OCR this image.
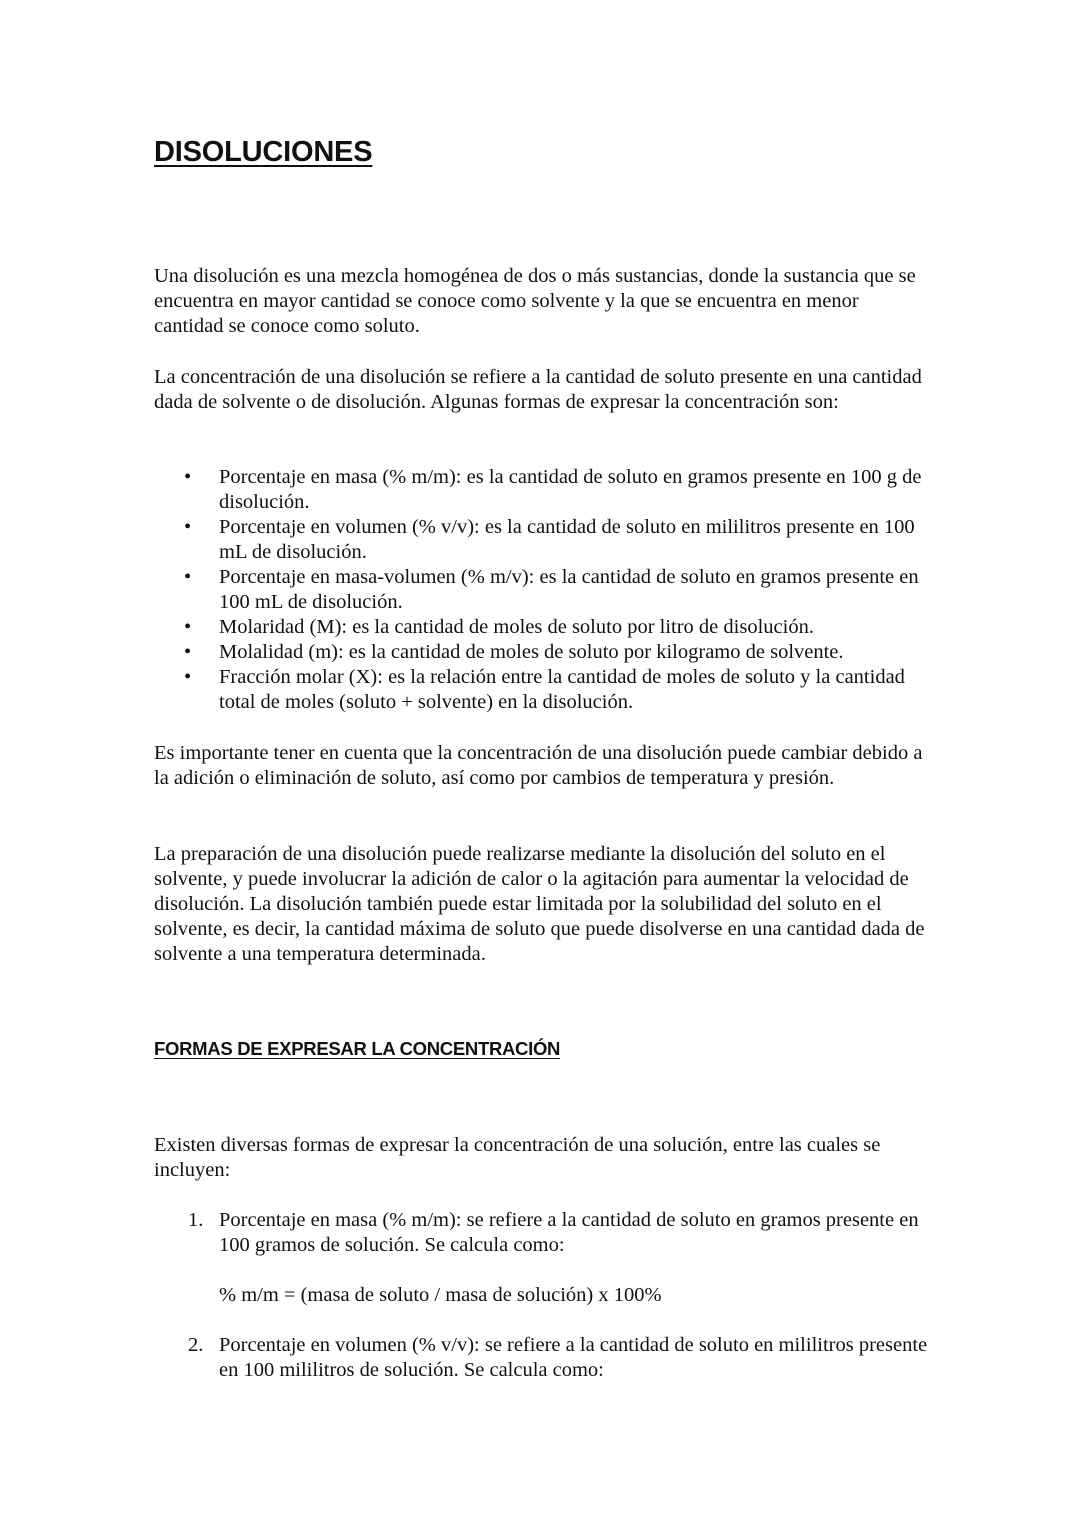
DISOLUCIONES

Una disolución es una mezcla homogénea de dos o más sustancias, donde la sustancia que se encuentra en mayor cantidad se conoce como solvente y la que se encuentra en menor cantidad se conoce como soluto.

La concentración de una disolución se refiere a la cantidad de soluto presente en una cantidad dada de solvente o de disolución. Algunas formas de expresar la concentración son:

• Porcentaje en masa (% m/m): es la cantidad de soluto en gramos presente en 100 g de disolución.
• Porcentaje en volumen (% v/v): es la cantidad de soluto en mililitros presente en 100 mL de disolución.
• Porcentaje en masa-volumen (% m/v): es la cantidad de soluto en gramos presente en 100 mL de disolución.
• Molaridad (M): es la cantidad de moles de soluto por litro de disolución.
• Molalidad (m): es la cantidad de moles de soluto por kilogramo de solvente.
• Fracción molar (X): es la relación entre la cantidad de moles de soluto y la cantidad total de moles (soluto + solvente) en la disolución.

Es importante tener en cuenta que la concentración de una disolución puede cambiar debido a la adición o eliminación de soluto, así como por cambios de temperatura y presión.

La preparación de una disolución puede realizarse mediante la disolución del soluto en el solvente, y puede involucrar la adición de calor o la agitación para aumentar la velocidad de disolución. La disolución también puede estar limitada por la solubilidad del soluto en el solvente, es decir, la cantidad máxima de soluto que puede disolverse en una cantidad dada de solvente a una temperatura determinada.

FORMAS DE EXPRESAR LA CONCENTRACIÓN

Existen diversas formas de expresar la concentración de una solución, entre las cuales se incluyen:

1. Porcentaje en masa (% m/m): se refiere a la cantidad de soluto en gramos presente en 100 gramos de solución. Se calcula como:
% m/m = (masa de soluto / masa de solución) x 100%
2. Porcentaje en volumen (% v/v): se refiere a la cantidad de soluto en mililitros presente en 100 mililitros de solución. Se calcula como:
